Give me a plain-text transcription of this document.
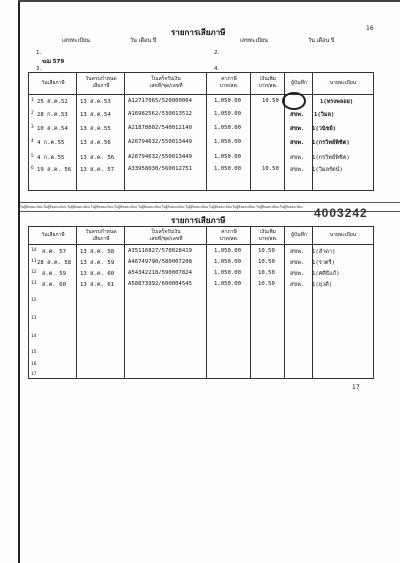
รายการเสียภาษี	16
เลขทะเบียน	วัน เดือน ปี	เลขทะเบียน	วัน เดือน ปี
1.	2.
3.	4.
ฆฌ 579
วันเสียภาษี
วันครบกำหนด
เสียภาษี
ใบเสร็จรับเงิน
เลขที่/ชุด/เลขที่
ค่าภาษี
บาท/สต.
เงินเพิ่ม
บาท/สต.	ผู้บันทึก	นายทะเบียน
1 25 ส.ค.52 13 ส.ค.53	A12717065/520000064	1,050.00	10.50	1(ทรงพลอย)
2 28 ก.ค.53 13 ส.ค.54	A16982562/530013512	1,050.00	สขพ. 1(วิมล)
3 10 ส.ค.54 13 ส.ค.55	A21878002/540012140	1,050.00	สขพ. 1(วนิชย์)
4 4 ก.ค.55	13 ส.ค.56	A26794632/550013449	1,050.00	สขพ. 1(กรวิทย์พิชิต)
5 4 ก.ค.55	13 ส.ค. 56 A26794632/550013449	1,050.00	สขพ. 1(กรวิทย์พิชิต)
6 19 ส.ค. 56 13 ส.ค. 57 A33958030/560012751	1,050.00	10.50 สขพ. 1(วิมลรัตน์)
ใบผู้ที่ขอทะเบียน ใบผู้ที่ขอทะเบียน ใบผู้ที่ขอทะเบียน ใบผู้ที่ขอทะเบียน ใบผู้ที่ขอทะเบียน ใบผู้ที่ขอทะเบียน ใบผู้ที่ขอทะเบียน ใบผู้ที่ขอทะเบียน ใบผู้ที่ขอทะเบียน ใบผู้ที่ขอทะเบียน ใบผู้ที่ขอทะเบียน ใบผู้ที่ขอทะเบียน 4003242
รายการเสียภาษี
วันเสียภาษี	วันครบกำหนด
เสียภาษี
ใบเสร็จรับเงิน
เลขที่/ชุด/เลขที่
ค่าภาษี
บาท/สต.
เงินเพิ่ม
บาท/สต.
ผู้บันทึก	นายทะเบียน
14 ส.ค. 57	13 ส.ค. 58 A35116827/570028419	1,050.00	10.50	สขพ. 1(ลำดา)
11 28 ส.ค. 58 13 ส.ค. 59 A46749790/580007208	1,050.00	10.50	สขพ. 1(ราตรี)
12 ส.ค. 59	13 ส.ค. 60 A54342218/590007824	1,050.00	10.50	สขพ. 1(ศศิธิแก้)
13 ส.ค. 60	13 ส.ค. 61 A58873992/600004545	1,050.00	10.50	สขพ. 1(ยุวดี)
12
13
14
15
16
17
17
